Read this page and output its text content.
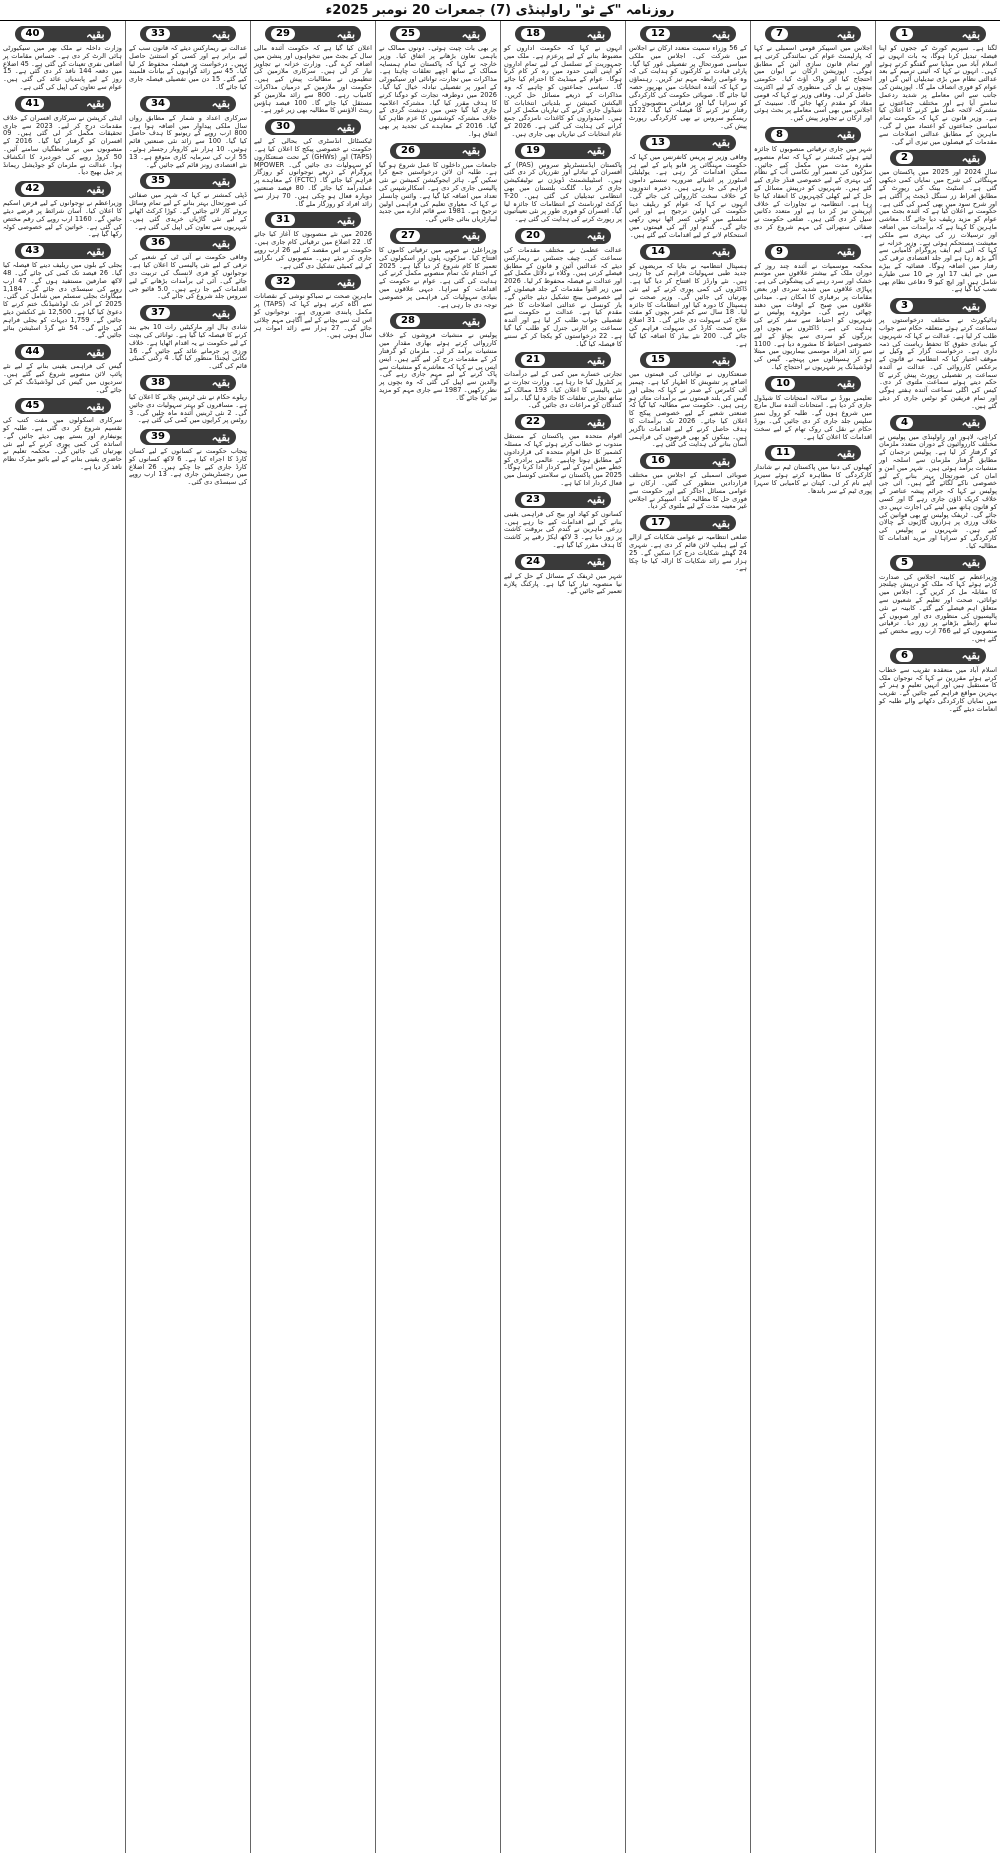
روزنامہ "کے ٹو" راولپنڈی (7) جمعرات 20 نومبر 2025ء
بقیہ
1

لگتا ہے۔ سپریم کورٹ کے ججوں کو اپنا فیصلہ تبدیل کرنا ہوگا، یہ بات انہوں نے اسلام آباد میں میڈیا سے گفتگو کرتے ہوئے کہی۔ انہوں نے کہا کہ آئینی ترمیم کے بعد عدالتی نظام میں بڑی تبدیلیاں آئیں گی اور عوام کو فوری انصاف ملے گا۔ اپوزیشن کی جانب سے اس معاملے پر شدید ردعمل سامنے آیا ہے اور مختلف جماعتوں نے مشترکہ لائحہ عمل طے کرنے کا اعلان کیا ہے۔ وزیر قانون نے کہا کہ حکومت تمام سیاسی جماعتوں کو اعتماد میں لے گی۔ ماہرین کے مطابق عدالتی اصلاحات سے مقدمات کے فیصلوں میں تیزی آئے گی۔

بقیہ
2

سال 2024 اور 2025 میں پاکستان میں مہنگائی کی شرح میں نمایاں کمی دیکھی گئی ہے۔ اسٹیٹ بینک کی رپورٹ کے مطابق افراط زر سنگل ڈیجٹ پر آگئی ہے اور شرح سود میں بھی کمی کی گئی ہے۔ حکومت نے اعلان کیا ہے کہ آئندہ بجٹ میں عوام کو مزید ریلیف دیا جائے گا۔ معاشی ماہرین کا کہنا ہے کہ برآمدات میں اضافہ اور ترسیلات زر کی بہتری سے ملکی معیشت مستحکم ہوئی ہے۔ وزیر خزانہ نے کہا کہ آئی ایم ایف پروگرام کامیابی سے آگے بڑھ رہا ہے اور جلد اقتصادی ترقی کی رفتار میں اضافہ ہوگا۔ فضائیہ کے بیڑے میں جے ایف 17 اور جے 10 سی طیارے شامل ہیں اور ایچ کیو 9 دفاعی نظام بھی نصب کیا گیا ہے۔

بقیہ
3

ہائیکورٹ نے مختلف درخواستوں پر سماعت کرتے ہوئے متعلقہ حکام سے جواب طلب کر لیا ہے۔ عدالت نے کہا کہ شہریوں کے بنیادی حقوق کا تحفظ ریاست کی ذمہ داری ہے۔ درخواست گزار کے وکیل نے موقف اختیار کیا کہ انتظامیہ نے قانون کے برعکس کارروائی کی۔ عدالت نے آئندہ سماعت پر تفصیلی رپورٹ پیش کرنے کا حکم دیتے ہوئے سماعت ملتوی کر دی۔ کیس کی اگلی سماعت آئندہ ہفتے ہوگی اور تمام فریقین کو نوٹس جاری کر دیئے گئے ہیں۔

بقیہ
4

کراچی، لاہور اور راولپنڈی میں پولیس نے مختلف کارروائیوں کے دوران متعدد ملزمان کو گرفتار کر لیا ہے۔ پولیس ترجمان کے مطابق گرفتار ملزمان سے اسلحہ اور منشیات برآمد ہوئی ہیں۔ شہر میں امن و امان کی صورتحال بہتر بنانے کے لیے خصوصی ناکے لگائے گئے ہیں۔ آئی جی پولیس نے کہا کہ جرائم پیشہ عناصر کے خلاف کریک ڈاؤن جاری رہے گا اور کسی کو قانون ہاتھ میں لینے کی اجازت نہیں دی جائے گی۔ ٹریفک پولیس نے بھی قوانین کی خلاف ورزی پر ہزاروں گاڑیوں کے چالان کیے ہیں۔ شہریوں نے پولیس کی کارکردگی کو سراہا اور مزید اقدامات کا مطالبہ کیا۔

بقیہ
5

وزیراعظم نے کابینہ اجلاس کی صدارت کرتے ہوئے کہا کہ ملک کو درپیش چیلنجز کا مقابلہ مل کر کریں گے۔ اجلاس میں توانائی، صحت اور تعلیم کے شعبوں سے متعلق اہم فیصلے کیے گئے۔ کابینہ نے نئی پالیسیوں کی منظوری دی اور صوبوں کے ساتھ رابطے بڑھانے پر زور دیا۔ ترقیاتی منصوبوں کے لیے 766 ارب روپے مختص کیے گئے ہیں۔

بقیہ
6

اسلام آباد میں منعقدہ تقریب سے خطاب کرتے ہوئے مقررین نے کہا کہ نوجوان ملک کا مستقبل ہیں اور انہیں تعلیم و ہنر کے بہترین مواقع فراہم کیے جائیں گے۔ تقریب میں نمایاں کارکردگی دکھانے والے طلبہ کو انعامات دیئے گئے۔

بقیہ
7

اجلاس میں اسپیکر قومی اسمبلی نے کہا کہ پارلیمنٹ عوام کی نمائندگی کرتی ہے اور تمام قانون سازی آئین کے مطابق ہوگی۔ اپوزیشن ارکان نے ایوان میں احتجاج کیا اور واک آؤٹ کیا۔ حکومتی بینچوں نے بل کی منظوری کے لیے اکثریت حاصل کر لی۔ وفاقی وزیر نے کہا کہ قومی مفاد کو مقدم رکھا جائے گا۔ سینیٹ کے اجلاس میں بھی اسی معاملے پر بحث ہوئی اور ارکان نے تجاویز پیش کیں۔

بقیہ
8

شہر میں جاری ترقیاتی منصوبوں کا جائزہ لیتے ہوئے کمشنر نے کہا کہ تمام منصوبے مقررہ مدت میں مکمل کیے جائیں۔ سڑکوں کی تعمیر اور نکاسی آب کے نظام کی بہتری کے لیے خصوصی فنڈز جاری کیے گئے ہیں۔ شہریوں کو درپیش مسائل کے حل کے لیے کھلی کچہریوں کا انعقاد کیا جا رہا ہے۔ انتظامیہ نے تجاوزات کے خلاف آپریشن تیز کر دیا ہے اور متعدد دکانیں سیل کر دی گئی ہیں۔ ضلعی حکومت نے صفائی ستھرائی کی مہم شروع کر دی ہے۔

بقیہ
9

محکمہ موسمیات نے آئندہ چند روز کے دوران ملک کے بیشتر علاقوں میں موسم خشک اور سرد رہنے کی پیشگوئی کی ہے۔ پہاڑی علاقوں میں شدید سردی اور بعض مقامات پر برفباری کا امکان ہے۔ میدانی علاقوں میں صبح کے اوقات میں دھند چھائی رہے گی۔ موٹروے پولیس نے شہریوں کو احتیاط سے سفر کرنے کی ہدایت کی ہے۔ ڈاکٹروں نے بچوں اور بزرگوں کو سردی سے بچاؤ کے لیے خصوصی احتیاط کا مشورہ دیا ہے۔ 1100 سے زائد افراد موسمی بیماریوں میں مبتلا ہو کر ہسپتالوں میں پہنچے۔ گیس کی لوڈشیڈنگ پر شہریوں نے احتجاج کیا۔

بقیہ
10

تعلیمی بورڈ نے سالانہ امتحانات کا شیڈول جاری کر دیا ہے۔ امتحانات آئندہ سال مارچ میں شروع ہوں گے۔ طلبہ کو رول نمبر سلپس جلد جاری کر دی جائیں گی۔ بورڈ حکام نے نقل کی روک تھام کے لیے سخت اقدامات کا اعلان کیا ہے۔

بقیہ
11

کھیلوں کی دنیا میں پاکستان ٹیم نے شاندار کارکردگی کا مظاہرہ کرتے ہوئے سیریز اپنے نام کر لی۔ کپتان نے کامیابی کا سہرا پوری ٹیم کے سر باندھا۔

بقیہ
12

کے 56 وزراء سمیت متعدد ارکان نے اجلاس میں شرکت کی۔ اجلاس میں ملکی سیاسی صورتحال پر تفصیلی غور کیا گیا۔ پارٹی قیادت نے کارکنوں کو ہدایت کی کہ وہ عوامی رابطہ مہم تیز کریں۔ رہنماؤں نے کہا کہ آئندہ انتخابات میں بھرپور حصہ لیا جائے گا۔ صوبائی حکومت کی کارکردگی کو سراہا گیا اور ترقیاتی منصوبوں کی رفتار تیز کرنے کا فیصلہ کیا گیا۔ 1122 ریسکیو سروس نے بھی کارکردگی رپورٹ پیش کی۔

بقیہ
13

وفاقی وزیر نے پریس کانفرنس میں کہا کہ حکومت مہنگائی پر قابو پانے کے لیے ہر ممکن اقدامات کر رہی ہے۔ یوٹیلیٹی اسٹورز پر اشیائے ضروریہ سستے داموں فراہم کی جا رہی ہیں۔ ذخیرہ اندوزوں کے خلاف سخت کارروائی کی جائے گی۔ انہوں نے کہا کہ عوام کو ریلیف دینا حکومت کی اولین ترجیح ہے اور اس سلسلے میں کوئی کسر اٹھا نہیں رکھی جائے گی۔ گندم اور آٹے کی قیمتوں میں استحکام لانے کے لیے اقدامات کیے گئے ہیں۔

بقیہ
14

ہسپتال انتظامیہ نے بتایا کہ مریضوں کو جدید طبی سہولیات فراہم کی جا رہی ہیں۔ نئے وارڈز کا افتتاح کر دیا گیا ہے۔ ڈاکٹروں کی کمی پوری کرنے کے لیے نئی بھرتیاں کی جائیں گی۔ وزیر صحت نے ہسپتال کا دورہ کیا اور انتظامات کا جائزہ لیا۔ 18 سال سے کم عمر بچوں کو مفت علاج کی سہولت دی جائے گی۔ 31 اضلاع میں صحت کارڈ کی سہولت فراہم کی جائے گی۔ 200 نئے بیڈز کا اضافہ کیا گیا ہے۔

بقیہ
15

صنعتکاروں نے توانائی کی قیمتوں میں اضافے پر تشویش کا اظہار کیا ہے۔ چیمبر آف کامرس کے صدر نے کہا کہ بجلی اور گیس کی بلند قیمتوں سے برآمدات متاثر ہو رہی ہیں۔ حکومت سے مطالبہ کیا گیا کہ صنعتی شعبے کے لیے خصوصی پیکج کا اعلان کیا جائے۔ 2026 تک برآمدات کا ہدف حاصل کرنے کے لیے اقدامات ناگزیر ہیں۔ بینکوں کو بھی قرضوں کی فراہمی آسان بنانے کی ہدایت کی گئی ہے۔

بقیہ
16

صوبائی اسمبلی کے اجلاس میں مختلف قراردادیں منظور کی گئیں۔ ارکان نے عوامی مسائل اجاگر کیے اور حکومت سے فوری حل کا مطالبہ کیا۔ اسپیکر نے اجلاس غیر معینہ مدت کے لیے ملتوی کر دیا۔

بقیہ
17

ضلعی انتظامیہ نے عوامی شکایات کے ازالے کے لیے ہیلپ لائن قائم کر دی ہے۔ شہری 24 گھنٹے شکایات درج کرا سکیں گے۔ 25 ہزار سے زائد شکایات کا ازالہ کیا جا چکا ہے۔

بقیہ
18

انہوں نے کہا کہ حکومت اداروں کو مضبوط بنانے کے لیے پرعزم ہے۔ ملک میں جمہوریت کے تسلسل کے لیے تمام اداروں کو اپنی آئینی حدود میں رہ کر کام کرنا ہوگا۔ عوام کے مینڈیٹ کا احترام کیا جائے گا۔ سیاسی جماعتوں کو چاہیے کہ وہ مذاکرات کے ذریعے مسائل حل کریں۔ الیکشن کمیشن نے بلدیاتی انتخابات کا شیڈول جاری کرنے کی تیاریاں مکمل کر لی ہیں۔ امیدواروں کو کاغذات نامزدگی جمع کرانے کی ہدایت کی گئی ہے۔ 2026 کے عام انتخابات کی تیاریاں بھی جاری ہیں۔

بقیہ
19

پاکستان ایڈمنسٹریٹو سروس (PAS) کے افسران کے تبادلے اور تقرریاں کر دی گئی ہیں۔ اسٹیبلشمنٹ ڈویژن نے نوٹیفکیشن جاری کر دیا۔ گلگت بلتستان میں بھی انتظامی تبدیلیاں کی گئی ہیں۔ T-20 کرکٹ ٹورنامنٹ کے انتظامات کا جائزہ لیا گیا۔ افسران کو فوری طور پر نئی تعیناتیوں پر رپورٹ کرنے کی ہدایت کی گئی ہے۔

بقیہ
20

عدالت عظمیٰ نے مختلف مقدمات کی سماعت کی۔ چیف جسٹس نے ریمارکس دیئے کہ عدالتیں آئین و قانون کے مطابق فیصلے کرتی ہیں۔ وکلاء نے دلائل مکمل کیے اور عدالت نے فیصلہ محفوظ کر لیا۔ 2026 میں زیر التوا مقدمات کے جلد فیصلوں کے لیے خصوصی بینچ تشکیل دیئے جائیں گے۔ بار کونسل نے عدالتی اصلاحات کا خیر مقدم کیا ہے۔ عدالت نے حکومت سے تفصیلی جواب طلب کر لیا ہے اور آئندہ سماعت پر اٹارنی جنرل کو طلب کیا گیا ہے۔ 22 درخواستوں کو یکجا کر کے سننے کا فیصلہ کیا گیا۔

بقیہ
21

تجارتی خسارے میں کمی کے لیے درآمدات پر کنٹرول کیا جا رہا ہے۔ وزارت تجارت نے نئی پالیسی کا اعلان کیا۔ 193 ممالک کے ساتھ تجارتی تعلقات کا جائزہ لیا گیا۔ برآمد کنندگان کو مراعات دی جائیں گی۔

بقیہ
22

اقوام متحدہ میں پاکستان کے مستقل مندوب نے خطاب کرتے ہوئے کہا کہ مسئلہ کشمیر کا حل اقوام متحدہ کی قراردادوں کے مطابق ہونا چاہیے۔ عالمی برادری کو خطے میں امن کے لیے کردار ادا کرنا ہوگا۔ 2025 میں پاکستان نے سلامتی کونسل میں فعال کردار ادا کیا ہے۔

بقیہ
23

کسانوں کو کھاد اور بیج کی فراہمی یقینی بنانے کے لیے اقدامات کیے جا رہے ہیں۔ زرعی ماہرین نے گندم کی بروقت کاشت پر زور دیا ہے۔ 3 لاکھ ایکڑ رقبے پر کاشت کا ہدف مقرر کیا گیا ہے۔

بقیہ
24

شہر میں ٹریفک کے مسائل کے حل کے لیے نیا منصوبہ تیار کیا گیا ہے۔ پارکنگ پلازے تعمیر کیے جائیں گے۔

بقیہ
25

پر بھی بات چیت ہوئی۔ دونوں ممالک نے باہمی تعاون بڑھانے پر اتفاق کیا۔ وزیر خارجہ نے کہا کہ پاکستان تمام ہمسایہ ممالک کے ساتھ اچھے تعلقات چاہتا ہے۔ مذاکرات میں تجارت، توانائی اور سیکیورٹی کے امور پر تفصیلی تبادلہ خیال کیا گیا۔ 2026 میں دوطرفہ تجارت کو دوگنا کرنے کا ہدف مقرر کیا گیا۔ مشترکہ اعلامیہ جاری کیا گیا جس میں دہشت گردی کے خلاف مشترکہ کوششوں کا عزم ظاہر کیا گیا۔ 2016 کے معاہدے کی تجدید پر بھی اتفاق ہوا۔

بقیہ
26

جامعات میں داخلوں کا عمل شروع ہو گیا ہے۔ طلبہ آن لائن درخواستیں جمع کرا سکیں گے۔ ہائر ایجوکیشن کمیشن نے نئی پالیسی جاری کر دی ہے۔ اسکالرشپس کی تعداد میں اضافہ کیا گیا ہے۔ وائس چانسلر نے کہا کہ معیاری تعلیم کی فراہمی اولین ترجیح ہے۔ 1981 سے قائم ادارے میں جدید لیبارٹریاں بنائی جائیں گی۔

بقیہ
27

وزیراعلیٰ نے صوبے میں ترقیاتی کاموں کا افتتاح کیا۔ سڑکوں، پلوں اور اسکولوں کی تعمیر کا کام شروع کر دیا گیا ہے۔ 2025 کے اختتام تک تمام منصوبے مکمل کرنے کی ہدایت کی گئی ہے۔ عوام نے حکومت کے اقدامات کو سراہا۔ دیہی علاقوں میں بنیادی سہولیات کی فراہمی پر خصوصی توجہ دی جا رہی ہے۔

بقیہ
28

پولیس نے منشیات فروشوں کے خلاف کارروائی کرتے ہوئے بھاری مقدار میں منشیات برآمد کر لی۔ ملزمان کو گرفتار کر کے مقدمات درج کر لیے گئے ہیں۔ ایس ایس پی نے کہا کہ معاشرے کو منشیات سے پاک کرنے کے لیے مہم جاری رہے گی۔ والدین سے اپیل کی گئی کہ وہ بچوں پر نظر رکھیں۔ 1987 سے جاری مہم کو مزید تیز کیا جائے گا۔

بقیہ
29

اعلان کیا گیا ہے کہ حکومت آئندہ مالی سال کے بجٹ میں تنخواہوں اور پنشن میں اضافہ کرے گی۔ وزارت خزانہ نے تجاویز تیار کر لی ہیں۔ سرکاری ملازمین کی تنظیموں نے مطالبات پیش کیے ہیں۔ حکومت اور ملازمین کے درمیان مذاکرات کامیاب رہے۔ 800 سے زائد ملازمین کو مستقل کیا جائے گا۔ 100 فیصد ہاؤس رینٹ الاؤنس کا مطالبہ بھی زیر غور ہے۔

بقیہ
30

ٹیکسٹائل انڈسٹری کی بحالی کے لیے حکومت نے خصوصی پیکج کا اعلان کیا ہے۔ (TAPS) اور (GHWs) کے تحت صنعتکاروں کو سہولیات دی جائیں گی۔ MPOWER پروگرام کے ذریعے نوجوانوں کو روزگار فراہم کیا جائے گا۔ (FCTC) کے معاہدے پر عملدرآمد کیا جائے گا۔ 80 فیصد صنعتیں دوبارہ فعال ہو چکی ہیں۔ 70 ہزار سے زائد افراد کو روزگار ملے گا۔

بقیہ
31

2026 میں نئے منصوبوں کا آغاز کیا جائے گا۔ 22 اضلاع میں ترقیاتی کام جاری ہیں۔ حکومت نے اس مقصد کے لیے 26 ارب روپے جاری کر دیئے ہیں۔ منصوبوں کی نگرانی کے لیے کمیٹی تشکیل دی گئی ہے۔

بقیہ
32

ماہرین صحت نے تمباکو نوشی کے نقصانات سے آگاہ کرتے ہوئے کہا کہ (TAPS) پر مکمل پابندی ضروری ہے۔ نوجوانوں کو اس لت سے بچانے کے لیے آگاہی مہم چلائی جائے گی۔ 27 ہزار سے زائد اموات ہر سال ہوتی ہیں۔

بقیہ
33

عدالت نے ریمارکس دیئے کہ قانون سب کے لیے برابر ہے اور کسی کو استثنیٰ حاصل نہیں۔ درخواست پر فیصلہ محفوظ کر لیا گیا۔ 45 سے زائد گواہوں کے بیانات قلمبند کیے گئے۔ 15 دن میں تفصیلی فیصلہ جاری کیا جائے گا۔

بقیہ
34

سرکاری اعداد و شمار کے مطابق رواں سال ملکی پیداوار میں اضافہ ہوا ہے۔ 800 ارب روپے کے ریونیو کا ہدف حاصل کیا گیا۔ 100 سے زائد نئی صنعتیں قائم ہوئیں۔ 10 ہزار نئے کاروبار رجسٹر ہوئے۔ 55 ارب کی سرمایہ کاری متوقع ہے۔ 13 نئے اقتصادی زونز قائم کیے جائیں گے۔

بقیہ
35

ڈپٹی کمشنر نے کہا کہ شہر میں صفائی کی صورتحال بہتر بنانے کے لیے تمام وسائل بروئے کار لائے جائیں گے۔ کوڑا کرکٹ اٹھانے کے لیے نئی گاڑیاں خریدی گئی ہیں۔ شہریوں سے تعاون کی اپیل کی گئی ہے۔

بقیہ
36

وفاقی حکومت نے آئی ٹی کے شعبے کی ترقی کے لیے نئی پالیسی کا اعلان کیا ہے۔ نوجوانوں کو فری لانسنگ کی تربیت دی جائے گی۔ آئی ٹی برآمدات بڑھانے کے لیے اقدامات کیے جا رہے ہیں۔ 5.0 فائیو جی سروس جلد شروع کی جائے گی۔

بقیہ
37

شادی ہال اور مارکیٹیں رات 10 بجے بند کرنے کا فیصلہ کیا گیا ہے۔ توانائی کی بچت کے لیے حکومت نے یہ اقدام اٹھایا ہے۔ خلاف ورزی پر جرمانے عائد کیے جائیں گے۔ 16 نکاتی ایجنڈا منظور کیا گیا۔ 4 رکنی کمیٹی قائم کی گئی۔

بقیہ
38

ریلوے حکام نے نئی ٹرینیں چلانے کا اعلان کیا ہے۔ مسافروں کو بہتر سہولیات دی جائیں گی۔ 2 نئی ٹرینیں آئندہ ماہ چلیں گی۔ 3 روٹس پر کرایوں میں کمی کی گئی ہے۔

بقیہ
39

پنجاب حکومت نے کسانوں کے لیے کسان کارڈ کا اجراء کیا ہے۔ 6 لاکھ کسانوں کو کارڈ جاری کیے جا چکے ہیں۔ 26 اضلاع میں رجسٹریشن جاری ہے۔ 13 ارب روپے کی سبسڈی دی گئی۔

بقیہ
40

وزارت داخلہ نے ملک بھر میں سیکیورٹی ہائی الرٹ کر دی ہے۔ حساس مقامات پر اضافی نفری تعینات کی گئی ہے۔ 45 اضلاع میں دفعہ 144 نافذ کر دی گئی ہے۔ 15 روز کے لیے پابندیاں عائد کی گئی ہیں۔ عوام سے تعاون کی اپیل کی گئی ہے۔

بقیہ
41

اینٹی کرپشن نے سرکاری افسران کے خلاف مقدمات درج کر لیے۔ 2023 سے جاری تحقیقات مکمل کر لی گئی ہیں۔ 09 افسران کو گرفتار کیا گیا۔ 2016 کے منصوبوں میں بے ضابطگیاں سامنے آئیں۔ 50 کروڑ روپے کی خوردبرد کا انکشاف ہوا۔ عدالت نے ملزمان کو جوڈیشل ریمانڈ پر جیل بھیج دیا۔

بقیہ
42

وزیراعظم نے نوجوانوں کے لیے قرض اسکیم کا اعلان کیا۔ آسان شرائط پر قرضے دیئے جائیں گے۔ 1160 ارب روپے کی رقم مختص کی گئی ہے۔ خواتین کے لیے خصوصی کوٹہ رکھا گیا ہے۔

بقیہ
43

بجلی کے بلوں میں ریلیف دینے کا فیصلہ کیا گیا۔ 26 فیصد تک کمی کی جائے گی۔ 48 لاکھ صارفین مستفید ہوں گے۔ 47 ارب روپے کی سبسڈی دی جائے گی۔ 1,184 میگاواٹ بجلی سسٹم میں شامل کی گئی۔ 2025 کے آخر تک لوڈشیڈنگ ختم کرنے کا دعویٰ کیا گیا ہے۔ 12,500 نئے کنکشن دیئے جائیں گے۔ 1,759 دیہات کو بجلی فراہم کی جائے گی۔ 54 نئے گرڈ اسٹیشن بنائے جائیں گے۔

بقیہ
44

گیس کی فراہمی یقینی بنانے کے لیے نئے پائپ لائن منصوبے شروع کیے گئے ہیں۔ سردیوں میں گیس کی لوڈشیڈنگ کم کی جائے گی۔

بقیہ
45

سرکاری اسکولوں میں مفت کتب کی تقسیم شروع کر دی گئی ہے۔ طلبہ کو یونیفارم اور بستے بھی دیئے جائیں گے۔ اساتذہ کی کمی پوری کرنے کے لیے نئی بھرتیاں کی جائیں گی۔ محکمہ تعلیم نے حاضری یقینی بنانے کے لیے بائیو میٹرک نظام نافذ کر دیا ہے۔
